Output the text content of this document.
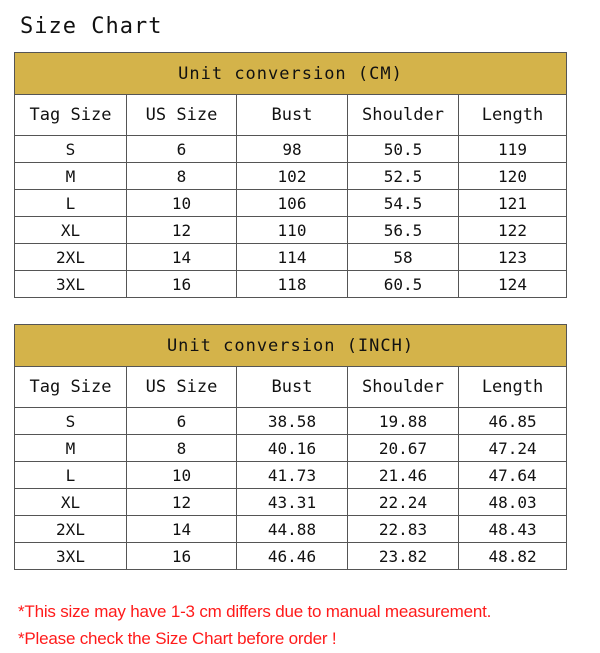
Size Chart
Unit conversion (CM)				
Tag Size	US Size	Bust	Shoulder	Length
S	6	98	50.5	119
M	8	102	52.5	120
L	10	106	54.5	121
XL	12	110	56.5	122
2XL	14	114	58	123
3XL	16	118	60.5	124
Unit conversion (INCH)				
Tag Size	US Size	Bust	Shoulder	Length
S	6	38.58	19.88	46.85
M	8	40.16	20.67	47.24
L	10	41.73	21.46	47.64
XL	12	43.31	22.24	48.03
2XL	14	44.88	22.83	48.43
3XL	16	46.46	23.82	48.82
*This size may have 1-3 cm differs due to manual measurement.
*Please check the Size Chart before order !
